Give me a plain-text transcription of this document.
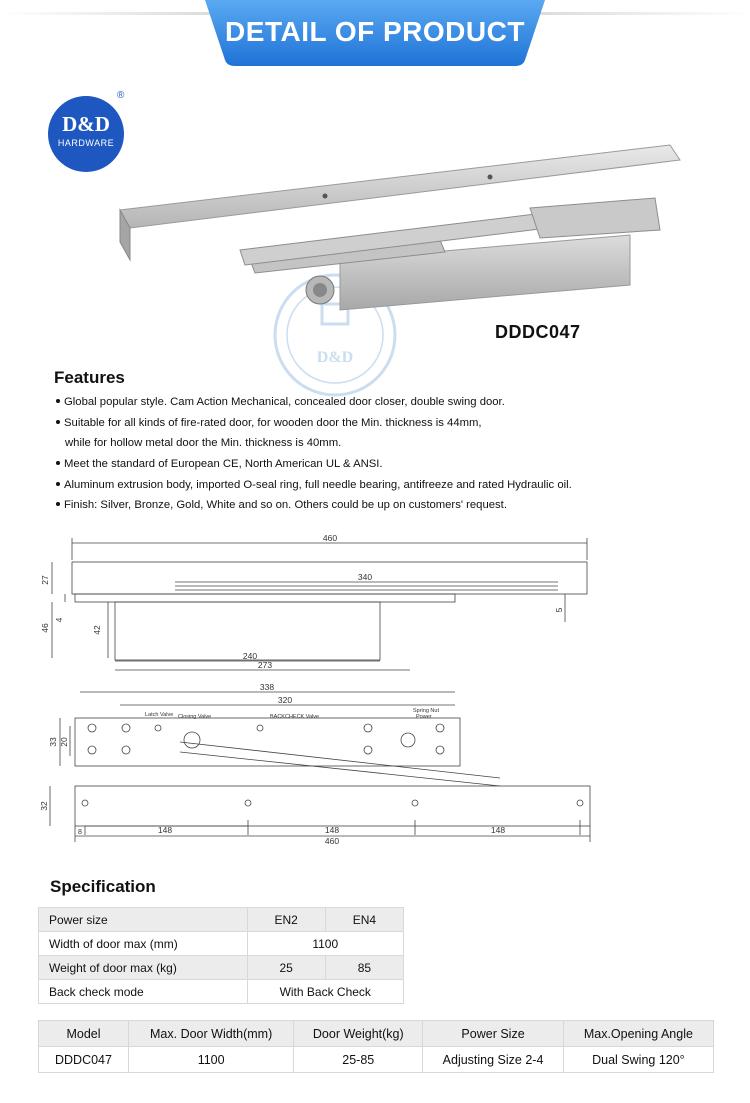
DETAIL OF PRODUCT
D&D
HARDWARE
®
D&D
DDDC047
Features
Global popular style. Cam Action Mechanical, concealed door closer, double swing door.
Suitable for all kinds of fire-rated door, for wooden door the Min. thickness is 44mm,
while for hollow metal door the Min. thickness is 40mm.
Meet the standard of European CE, North American UL & ANSI.
Aluminum extrusion body, imported O-seal ring, full needle bearing, antifreeze and rated Hydraulic oil.
Finish: Silver, Bronze, Gold, White and so on. Others could be up on customers' request.
460
340
27
46
4
42
5
240
273
338
320
33 20
32
8	148	148	148
460
Latch Valve Closing Valve	BACKCHECK Valve
Spring Nut
Power
Specification
Power size	EN2	EN4
Width of door max (mm)	1100	
Weight of door max (kg)	25	85
Back check mode	With Back Check	
Model	Max. Door Width(mm)	Door Weight(kg)	Power Size	Max.Opening Angle
DDDC047	1100	25-85	Adjusting Size 2-4	Dual Swing 120°
